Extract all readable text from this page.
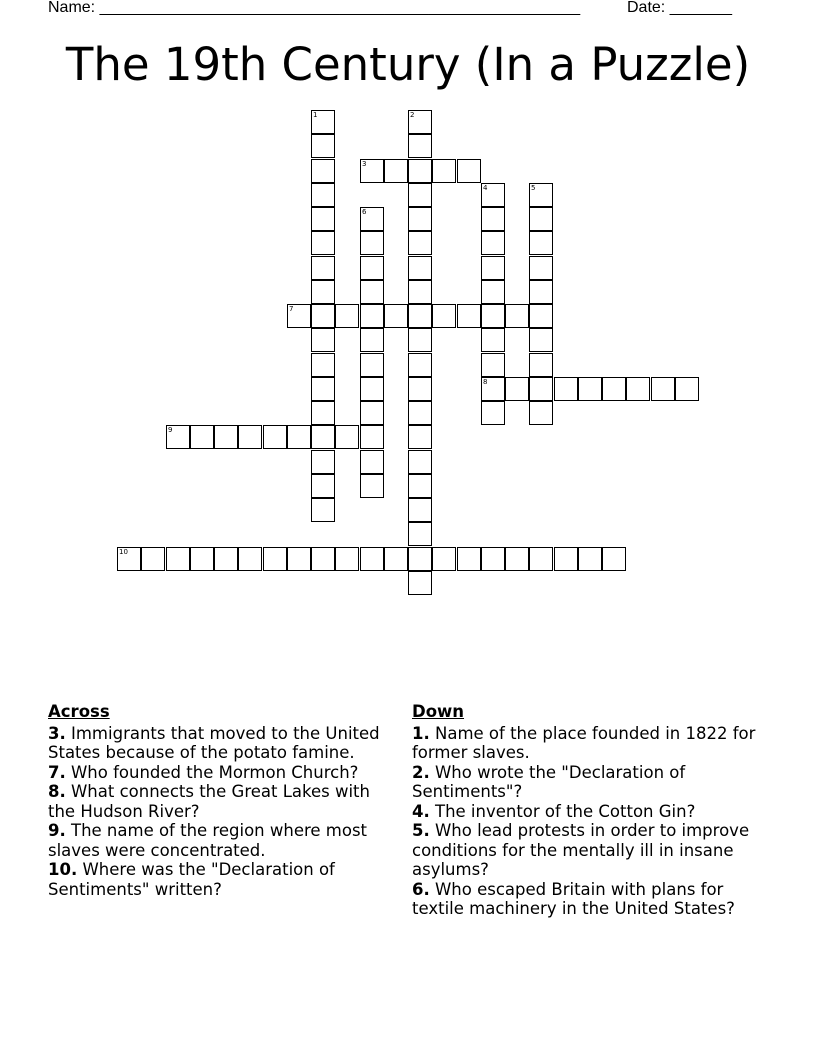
Name: ______________________________________________________	Date: _______
The 19th Century (In a Puzzle)
1	2
3
4
8
5
6
7
9
10
Across
3. Immigrants that moved to the United States because of the potato famine.
7. Who founded the Mormon Church?
8. What connects the Great Lakes with the Hudson River?
9. The name of the region where most slaves were concentrated.
10. Where was the "Declaration of Sentiments" written?
Down
1. Name of the place founded in 1822 for former slaves.
2. Who wrote the "Declaration of Sentiments"?
4. The inventor of the Cotton Gin?
5. Who lead protests in order to improve conditions for the mentally ill in insane asylums?
6. Who escaped Britain with plans for textile machinery in the United States?
